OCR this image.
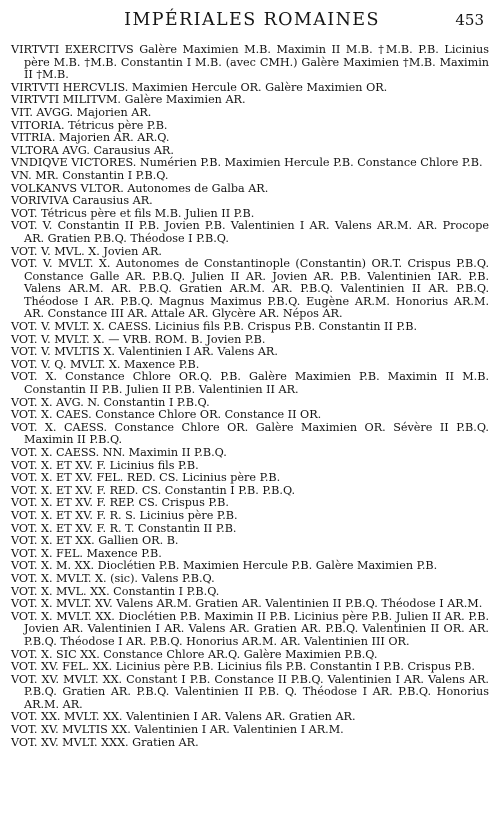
IMPÉRIALES ROMAINES	453

VIRTVTI EXERCITVS Galère Maximien M.B. Maximin II M.B. †M.B. P.B. Licinius père M.B. †M.B. Constantin I M.B. (avec CMH.) Galère Maximien †M.B. Maximin II †M.B.

VIRTVTI HERCVLIS. Maximien Hercule OR. Galère Maximien OR.

VIRTVTI MILITVM. Galère Maximien AR.

VIT. AVGG. Majorien AR.

VITORIA. Tétricus père P.B.

VITRIA. Majorien AR. AR.Q.

VLTORA AVG. Carausius AR.

VNDIQVE VICTORES. Numérien P.B. Maximien Hercule P.B. Constance Chlore P.B.

VN. MR. Constantin I P.B.Q.

VOLKANVS VLTOR. Autonomes de Galba AR.

VORIVIVA Carausius AR.

VOT. Tétricus père et fils M.B. Julien II P.B.

VOT. V. Constantin II P.B. Jovien P.B. Valentinien I AR. Valens AR.M. AR. Procope AR. Gratien P.B.Q. Théodose I P.B.Q.

VOT. V. MVL. X. Jovien AR.

VOT. V. MVLT. X. Autonomes de Constantinople (Constantin) OR.T. Crispus P.B.Q. Constance Galle AR. P.B.Q. Julien II AR. Jovien AR. P.B. Valentinien IAR. P.B. Valens AR.M. AR. P.B.Q. Gratien AR.M. AR. P.B.Q. Valentinien II AR. P.B.Q. Théodose I AR. P.B.Q. Magnus Maximus P.B.Q. Eugène AR.M. Honorius AR.M. AR. Constance III AR. Attale AR. Glycère AR. Népos AR.

VOT. V. MVLT. X. CAESS. Licinius fils P.B. Crispus P.B. Constantin II P.B.

VOT. V. MVLT. X. — VRB. ROM. B. Jovien P.B.

VOT. V. MVLTIS X. Valentinien I AR. Valens AR.

VOT. V. Q. MVLT. X. Maxence P.B.

VOT. X. Constance Chlore OR.Q. P.B. Galère Maximien P.B. Maximin II M.B. Constantin II P.B. Julien II P.B. Valentinien II AR.

VOT. X. AVG. N. Constantin I P.B.Q.

VOT. X. CAES. Constance Chlore OR. Constance II OR.

VOT. X. CAESS. Constance Chlore OR. Galère Maximien OR. Sévère II P.B.Q. Maximin II P.B.Q.

VOT. X. CAESS. NN. Maximin II P.B.Q.

VOT. X. ET XV. F. Licinius fils P.B.

VOT. X. ET XV. FEL. RED. CS. Licinius père P.B.

VOT. X. ET XV. F. RED. CS. Constantin I P.B. P.B.Q.

VOT. X. ET XV. F. REP. CS. Crispus P.B.

VOT. X. ET XV. F. R. S. Licinius père P.B.

VOT. X. ET XV. F. R. T. Constantin II P.B.

VOT. X. ET XX. Gallien OR. B.

VOT. X. FEL. Maxence P.B.

VOT. X. M. XX. Dioclétien P.B. Maximien Hercule P.B. Galère Maximien P.B.

VOT. X. MVLT. X. (sic). Valens P.B.Q.

VOT. X. MVL. XX. Constantin I P.B.Q.

VOT. X. MVLT. XV. Valens AR.M. Gratien AR. Valentinien II P.B.Q. Théodose I AR.M.

VOT. X. MVLT. XX. Dioclétien P.B. Maximin II P.B. Licinius père P.B. Julien II AR. P.B. Jovien AR. Valentinien I AR. Valens AR. Gratien AR. P.B.Q. Valentinien II OR. AR. P.B.Q. Théodose I AR. P.B.Q. Honorius AR.M. AR. Valentinien III OR.

VOT. X. SIC XX. Constance Chlore AR.Q. Galère Maximien P.B.Q.

VOT. XV. FEL. XX. Licinius père P.B. Licinius fils P.B. Constantin I P.B. Crispus P.B.

VOT. XV. MVLT. XX. Constant I P.B. Constance II P.B.Q. Valentinien I AR. Valens AR. P.B.Q. Gratien AR. P.B.Q. Valentinien II P.B. Q. Théodose I AR. P.B.Q. Honorius AR.M. AR.

VOT. XX. MVLT. XX. Valentinien I AR. Valens AR. Gratien AR.

VOT. XV. MVLTIS XX. Valentinien I AR. Valentinien I AR.M.

VOT. XV. MVLT. XXX. Gratien AR.
